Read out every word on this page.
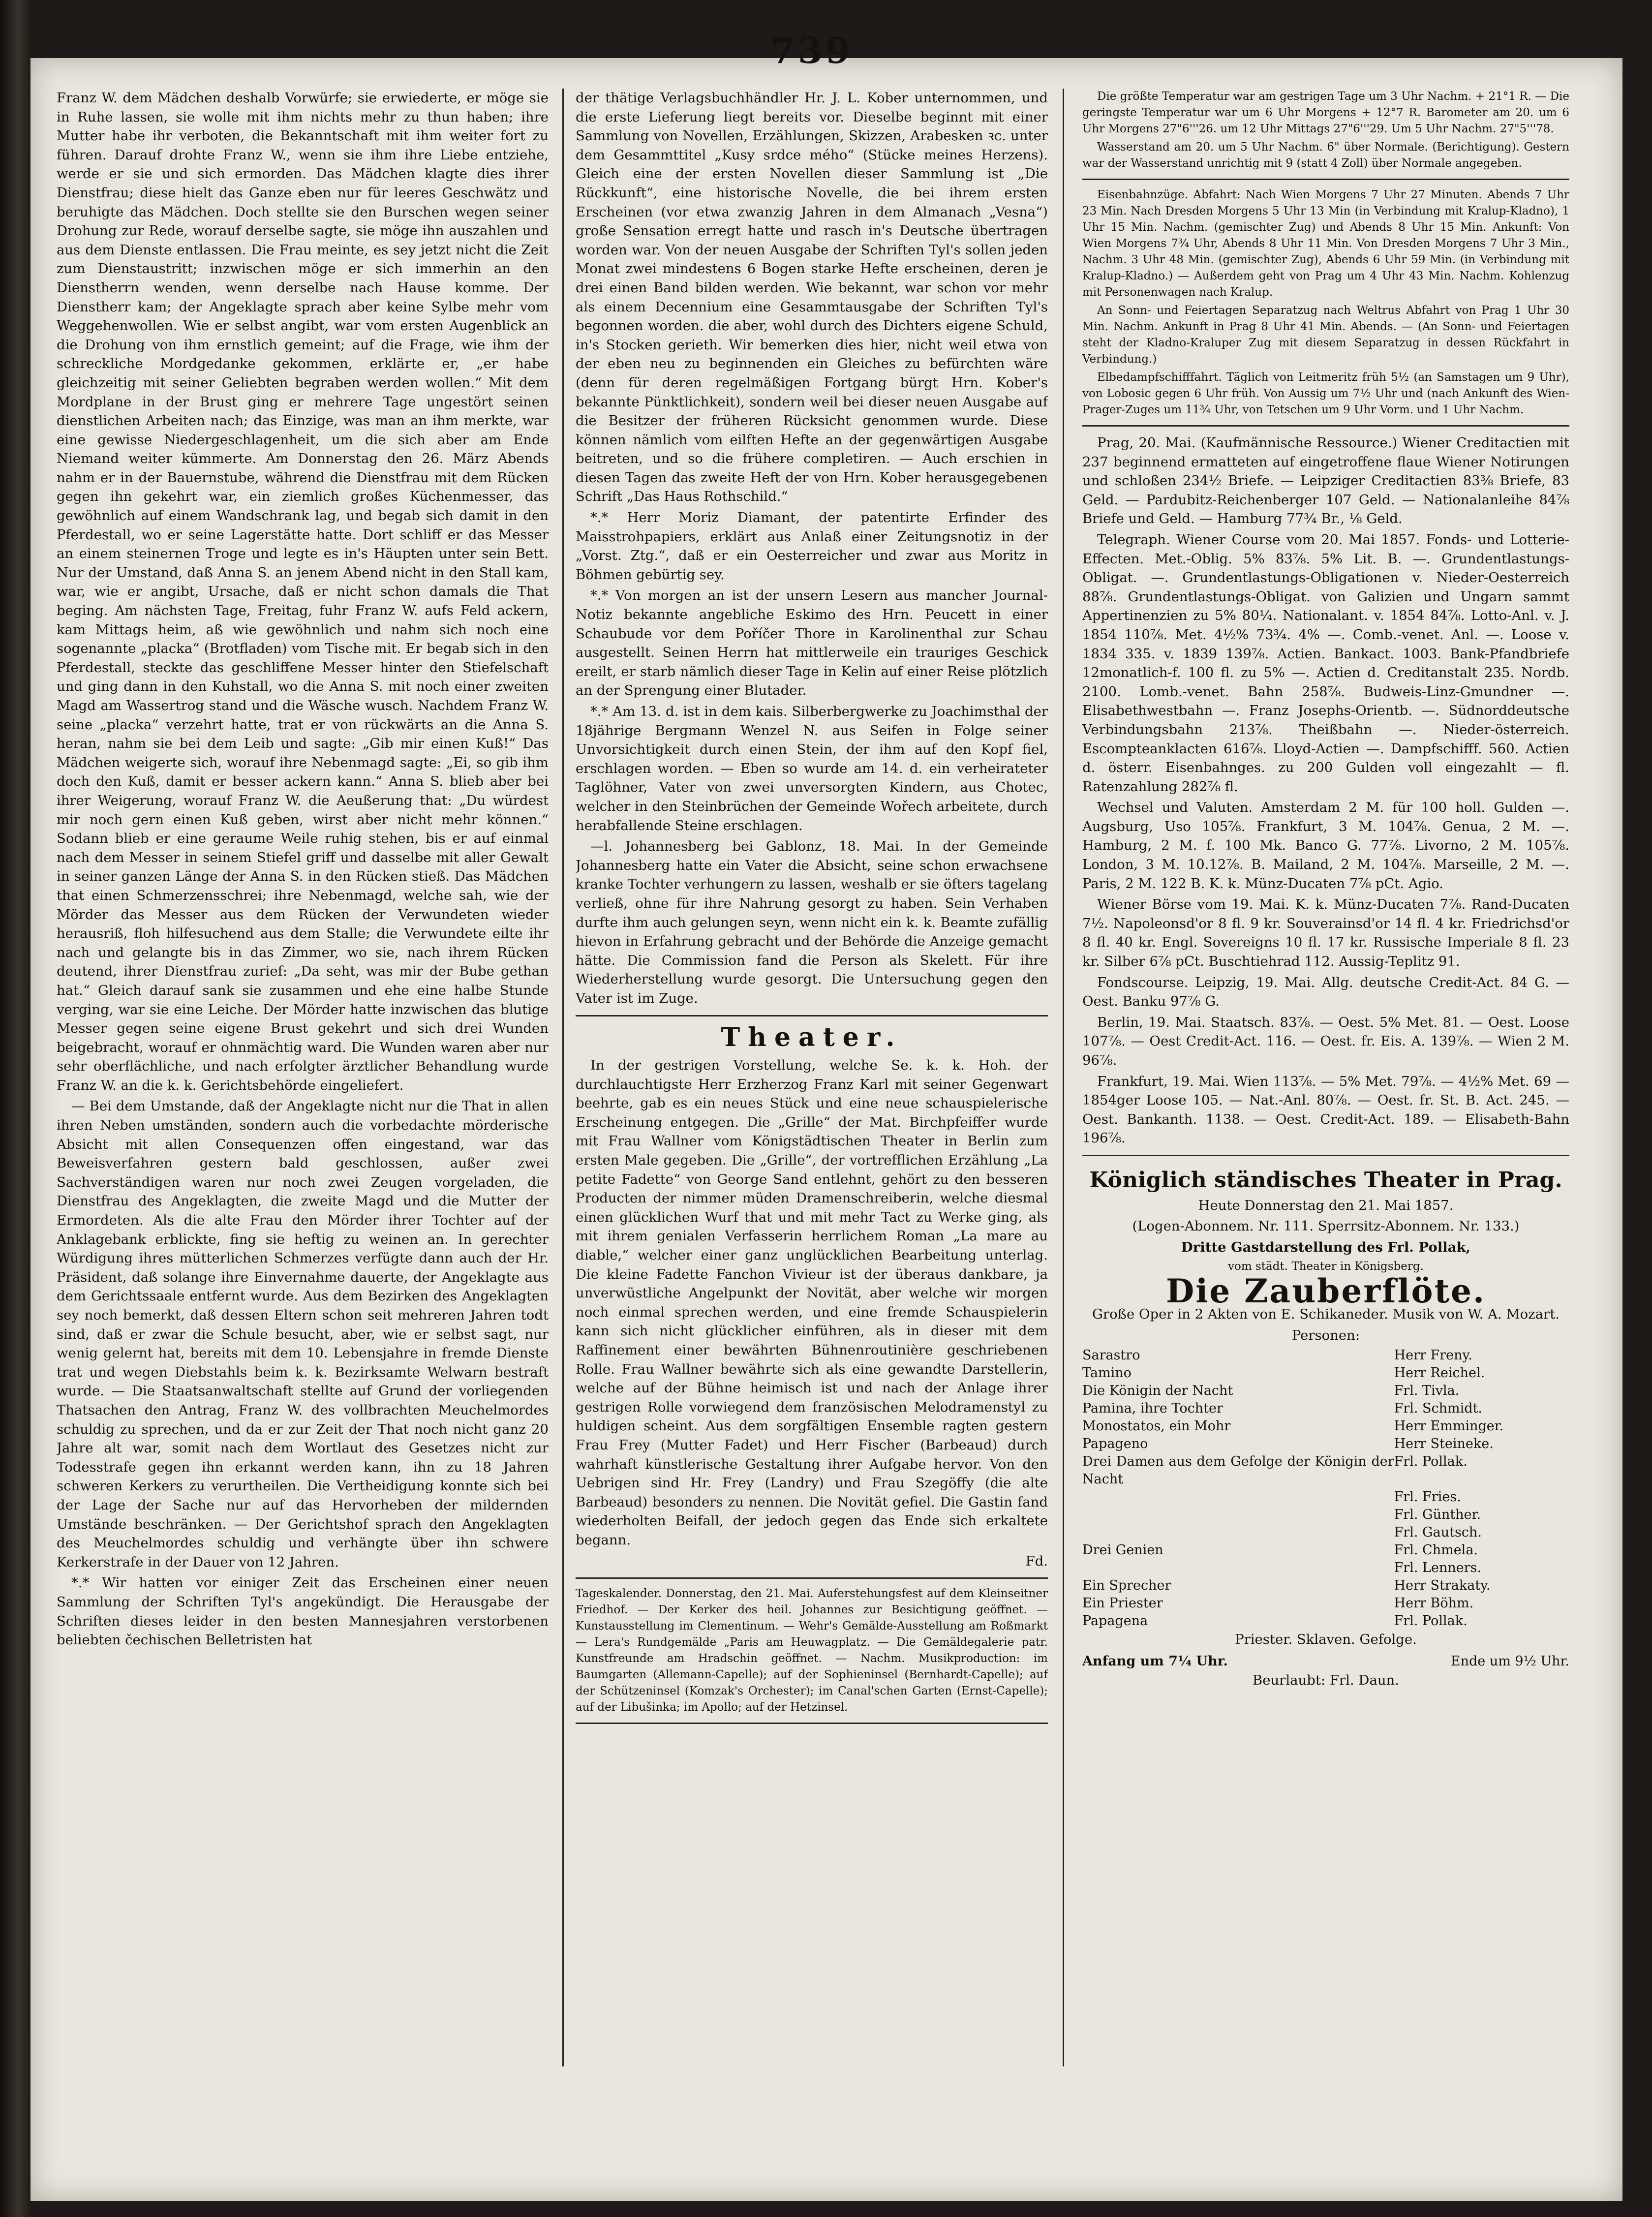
739

Franz W. dem Mädchen deshalb Vorwürfe; sie erwiederte, er möge sie in Ruhe lassen, sie wolle mit ihm nichts mehr zu thun haben; ihre Mutter habe ihr verboten, die Bekanntschaft mit ihm weiter fort zu führen. Darauf drohte Franz W., wenn sie ihm ihre Liebe entziehe, werde er sie und sich ermorden. Das Mädchen klagte dies ihrer Dienstfrau; diese hielt das Ganze eben nur für leeres Geschwätz und beruhigte das Mädchen. Doch stellte sie den Burschen wegen seiner Drohung zur Rede, worauf derselbe sagte, sie möge ihn auszahlen und aus dem Dienste entlassen. Die Frau meinte, es sey jetzt nicht die Zeit zum Dienstaustritt; inzwischen möge er sich immerhin an den Dienstherrn wenden, wenn derselbe nach Hause komme. Der Dienstherr kam; der Angeklagte sprach aber keine Sylbe mehr vom Weggehenwollen. Wie er selbst angibt, war vom ersten Augenblick an die Drohung von ihm ernstlich gemeint; auf die Frage, wie ihm der schreckliche Mordgedanke gekommen, erklärte er, „er habe gleichzeitig mit seiner Geliebten begraben werden wollen.“ Mit dem Mordplane in der Brust ging er mehrere Tage ungestört seinen dienstlichen Arbeiten nach; das Einzige, was man an ihm merkte, war eine gewisse Niedergeschlagenheit, um die sich aber am Ende Niemand weiter kümmerte. Am Donnerstag den 26. März Abends nahm er in der Bauernstube, während die Dienstfrau mit dem Rücken gegen ihn gekehrt war, ein ziemlich großes Küchenmesser, das gewöhnlich auf einem Wandschrank lag, und begab sich damit in den Pferdestall, wo er seine Lagerstätte hatte. Dort schliff er das Messer an einem steinernen Troge und legte es in's Häupten unter sein Bett. Nur der Umstand, daß Anna S. an jenem Abend nicht in den Stall kam, war, wie er angibt, Ursache, daß er nicht schon damals die That beging. Am nächsten Tage, Freitag, fuhr Franz W. aufs Feld ackern, kam Mittags heim, aß wie gewöhnlich und nahm sich noch eine sogenannte „placka“ (Brotfladen) vom Tische mit. Er begab sich in den Pferdestall, steckte das geschliffene Messer hinter den Stiefelschaft und ging dann in den Kuhstall, wo die Anna S. mit noch einer zweiten Magd am Wassertrog stand und die Wäsche wusch. Nachdem Franz W. seine „placka“ verzehrt hatte, trat er von rückwärts an die Anna S. heran, nahm sie bei dem Leib und sagte: „Gib mir einen Kuß!“ Das Mädchen weigerte sich, worauf ihre Nebenmagd sagte: „Ei, so gib ihm doch den Kuß, damit er besser ackern kann.“ Anna S. blieb aber bei ihrer Weigerung, worauf Franz W. die Aeußerung that: „Du würdest mir noch gern einen Kuß geben, wirst aber nicht mehr können.“ Sodann blieb er eine geraume Weile ruhig stehen, bis er auf einmal nach dem Messer in seinem Stiefel griff und dasselbe mit aller Gewalt in seiner ganzen Länge der Anna S. in den Rücken stieß. Das Mädchen that einen Schmerzensschrei; ihre Nebenmagd, welche sah, wie der Mörder das Messer aus dem Rücken der Verwundeten wieder herausriß, floh hilfesuchend aus dem Stalle; die Verwundete eilte ihr nach und gelangte bis in das Zimmer, wo sie, nach ihrem Rücken deutend, ihrer Dienstfrau zurief: „Da seht, was mir der Bube gethan hat.“ Gleich darauf sank sie zusammen und ehe eine halbe Stunde verging, war sie eine Leiche. Der Mörder hatte inzwischen das blutige Messer gegen seine eigene Brust gekehrt und sich drei Wunden beigebracht, worauf er ohnmächtig ward. Die Wunden waren aber nur sehr oberflächliche, und nach erfolgter ärztlicher Behandlung wurde Franz W. an die k. k. Gerichtsbehörde eingeliefert.

— Bei dem Umstande, daß der Angeklagte nicht nur die That in allen ihren Neben umständen, sondern auch die vorbedachte mörderische Absicht mit allen Consequenzen offen eingestand, war das Beweisverfahren gestern bald geschlossen, außer zwei Sachverständigen waren nur noch zwei Zeugen vorgeladen, die Dienstfrau des Angeklagten, die zweite Magd und die Mutter der Ermordeten. Als die alte Frau den Mörder ihrer Tochter auf der Anklagebank erblickte, fing sie heftig zu weinen an. In gerechter Würdigung ihres mütterlichen Schmerzes verfügte dann auch der Hr. Präsident, daß solange ihre Einvernahme dauerte, der Angeklagte aus dem Gerichtssaale entfernt wurde. Aus dem Bezirken des Angeklagten sey noch bemerkt, daß dessen Eltern schon seit mehreren Jahren todt sind, daß er zwar die Schule besucht, aber, wie er selbst sagt, nur wenig gelernt hat, bereits mit dem 10. Lebensjahre in fremde Dienste trat und wegen Diebstahls beim k. k. Bezirksamte Welwarn bestraft wurde. — Die Staatsanwaltschaft stellte auf Grund der vorliegenden Thatsachen den Antrag, Franz W. des vollbrachten Meuchelmordes schuldig zu sprechen, und da er zur Zeit der That noch nicht ganz 20 Jahre alt war, somit nach dem Wortlaut des Gesetzes nicht zur Todesstrafe gegen ihn erkannt werden kann, ihn zu 18 Jahren schweren Kerkers zu verurtheilen. Die Vertheidigung konnte sich bei der Lage der Sache nur auf das Hervorheben der mildernden Umstände beschränken. — Der Gerichtshof sprach den Angeklagten des Meuchelmordes schuldig und verhängte über ihn schwere Kerkerstrafe in der Dauer von 12 Jahren.

*.* Wir hatten vor einiger Zeit das Erscheinen einer neuen Sammlung der Schriften Tyl's angekündigt. Die Herausgabe der Schriften dieses leider in den besten Mannesjahren verstorbenen beliebten čechischen Belletristen hat

der thätige Verlagsbuchhändler Hr. J. L. Kober unternommen, und die erste Lieferung liegt bereits vor. Dieselbe beginnt mit einer Sammlung von Novellen, Erzählungen, Skizzen, Arabesken ꝛc. unter dem Gesammttitel „Kusy srdce mého“ (Stücke meines Herzens). Gleich eine der ersten Novellen dieser Sammlung ist „Die Rückkunft“, eine historische Novelle, die bei ihrem ersten Erscheinen (vor etwa zwanzig Jahren in dem Almanach „Vesna“) große Sensation erregt hatte und rasch in's Deutsche übertragen worden war. Von der neuen Ausgabe der Schriften Tyl's sollen jeden Monat zwei mindestens 6 Bogen starke Hefte erscheinen, deren je drei einen Band bilden werden. Wie bekannt, war schon vor mehr als einem Decennium eine Gesammtausgabe der Schriften Tyl's begonnen worden. die aber, wohl durch des Dichters eigene Schuld, in's Stocken gerieth. Wir bemerken dies hier, nicht weil etwa von der eben neu zu beginnenden ein Gleiches zu befürchten wäre (denn für deren regelmäßigen Fortgang bürgt Hrn. Kober's bekannte Pünktlichkeit), sondern weil bei dieser neuen Ausgabe auf die Besitzer der früheren Rücksicht genommen wurde. Diese können nämlich vom eilften Hefte an der gegenwärtigen Ausgabe beitreten, und so die frühere completiren. — Auch erschien in diesen Tagen das zweite Heft der von Hrn. Kober herausgegebenen Schrift „Das Haus Rothschild.“

*.* Herr Moriz Diamant, der patentirte Erfinder des Maisstrohpapiers, erklärt aus Anlaß einer Zeitungsnotiz in der „Vorst. Ztg.“, daß er ein Oesterreicher und zwar aus Moritz in Böhmen gebürtig sey.

*.* Von morgen an ist der unsern Lesern aus mancher Journal-Notiz bekannte angebliche Eskimo des Hrn. Peucett in einer Schaubude vor dem Poříčer Thore in Karolinenthal zur Schau ausgestellt. Seinen Herrn hat mittlerweile ein trauriges Geschick ereilt, er starb nämlich dieser Tage in Kelin auf einer Reise plötzlich an der Sprengung einer Blutader.

*.* Am 13. d. ist in dem kais. Silberbergwerke zu Joachimsthal der 18jährige Bergmann Wenzel N. aus Seifen in Folge seiner Unvorsichtigkeit durch einen Stein, der ihm auf den Kopf fiel, erschlagen worden. — Eben so wurde am 14. d. ein verheirateter Taglöhner, Vater von zwei unversorgten Kindern, aus Chotec, welcher in den Steinbrüchen der Gemeinde Wořech arbeitete, durch herabfallende Steine erschlagen.

—l. Johannesberg bei Gablonz, 18. Mai. In der Gemeinde Johannesberg hatte ein Vater die Absicht, seine schon erwachsene kranke Tochter verhungern zu lassen, weshalb er sie öfters tagelang verließ, ohne für ihre Nahrung gesorgt zu haben. Sein Verhaben durfte ihm auch gelungen seyn, wenn nicht ein k. k. Beamte zufällig hievon in Erfahrung gebracht und der Behörde die Anzeige gemacht hätte. Die Commission fand die Person als Skelett. Für ihre Wiederherstellung wurde gesorgt. Die Untersuchung gegen den Vater ist im Zuge.

Theater.

In der gestrigen Vorstellung, welche Se. k. k. Hoh. der durchlauchtigste Herr Erzherzog Franz Karl mit seiner Gegenwart beehrte, gab es ein neues Stück und eine neue schauspielerische Erscheinung entgegen. Die „Grille“ der Mat. Birchpfeiffer wurde mit Frau Wallner vom Königstädtischen Theater in Berlin zum ersten Male gegeben. Die „Grille“, der vortrefflichen Erzählung „La petite Fadette“ von George Sand entlehnt, gehört zu den besseren Producten der nimmer müden Dramenschreiberin, welche diesmal einen glücklichen Wurf that und mit mehr Tact zu Werke ging, als mit ihrem genialen Verfasserin herrlichem Roman „La mare au diable,“ welcher einer ganz unglücklichen Bearbeitung unterlag. Die kleine Fadette Fanchon Vivieur ist der überaus dankbare, ja unverwüstliche Angelpunkt der Novität, aber welche wir morgen noch einmal sprechen werden, und eine fremde Schauspielerin kann sich nicht glücklicher einführen, als in dieser mit dem Raffinement einer bewährten Bühnenroutinière geschriebenen Rolle. Frau Wallner bewährte sich als eine gewandte Darstellerin, welche auf der Bühne heimisch ist und nach der Anlage ihrer gestrigen Rolle vorwiegend dem französischen Melodramenstyl zu huldigen scheint. Aus dem sorgfältigen Ensemble ragten gestern Frau Frey (Mutter Fadet) und Herr Fischer (Barbeaud) durch wahrhaft künstlerische Gestaltung ihrer Aufgabe hervor. Von den Uebrigen sind Hr. Frey (Landry) und Frau Szegöffy (die alte Barbeaud) besonders zu nennen. Die Novität gefiel. Die Gastin fand wiederholten Beifall, der jedoch gegen das Ende sich erkaltete begann.

Fd.

Tageskalender. Donnerstag, den 21. Mai. Auferstehungsfest auf dem Kleinseitner Friedhof. — Der Kerker des heil. Johannes zur Besichtigung geöffnet. — Kunstausstellung im Clementinum. — Wehr's Gemälde-Ausstellung am Roßmarkt — Lera's Rundgemälde „Paris am Heuwagplatz. — Die Gemäldegalerie patr. Kunstfreunde am Hradschin geöffnet. — Nachm. Musikproduction: im Baumgarten (Allemann-Capelle); auf der Sophieninsel (Bernhardt-Capelle); auf der Schützeninsel (Komzak's Orchester); im Canal'schen Garten (Ernst-Capelle); auf der Libušinka; im Apollo; auf der Hetzinsel.

Die größte Temperatur war am gestrigen Tage um 3 Uhr Nachm. + 21°1 R. — Die geringste Temperatur war um 6 Uhr Morgens + 12°7 R. Barometer am 20. um 6 Uhr Morgens 27"6'''26. um 12 Uhr Mittags 27"6'''29. Um 5 Uhr Nachm. 27"5'''78.

Wasserstand am 20. um 5 Uhr Nachm. 6" über Normale. (Berichtigung). Gestern war der Wasserstand unrichtig mit 9 (statt 4 Zoll) über Normale angegeben.

Eisenbahnzüge. Abfahrt: Nach Wien Morgens 7 Uhr 27 Minuten. Abends 7 Uhr 23 Min. Nach Dresden Morgens 5 Uhr 13 Min (in Verbindung mit Kralup-Kladno), 1 Uhr 15 Min. Nachm. (gemischter Zug) und Abends 8 Uhr 15 Min. Ankunft: Von Wien Morgens 7¾ Uhr, Abends 8 Uhr 11 Min. Von Dresden Morgens 7 Uhr 3 Min., Nachm. 3 Uhr 48 Min. (gemischter Zug), Abends 6 Uhr 59 Min. (in Verbindung mit Kralup-Kladno.) — Außerdem geht von Prag um 4 Uhr 43 Min. Nachm. Kohlenzug mit Personenwagen nach Kralup.

An Sonn- und Feiertagen Separatzug nach Weltrus Abfahrt von Prag 1 Uhr 30 Min. Nachm. Ankunft in Prag 8 Uhr 41 Min. Abends. — (An Sonn- und Feiertagen steht der Kladno-Kraluper Zug mit diesem Separatzug in dessen Rückfahrt in Verbindung.)

Elbedampfschifffahrt. Täglich von Leitmeritz früh 5½ (an Samstagen um 9 Uhr), von Lobosic gegen 6 Uhr früh. Von Aussig um 7½ Uhr und (nach Ankunft des Wien-Prager-Zuges um 11¾ Uhr, von Tetschen um 9 Uhr Vorm. und 1 Uhr Nachm.

Prag, 20. Mai. (Kaufmännische Ressource.) Wiener Creditactien mit 237 beginnend ermatteten auf eingetroffene flaue Wiener Notirungen und schloßen 234½ Briefe. — Leipziger Creditactien 83⅜ Briefe, 83 Geld. — Pardubitz-Reichenberger 107 Geld. — Nationalanleihe 84⅞ Briefe und Geld. — Hamburg 77¾ Br., ⅛ Geld.

Telegraph. Wiener Course vom 20. Mai 1857. Fonds- und Lotterie-Effecten. Met.-Oblig. 5% 83⅞. 5% Lit. B. —. Grundentlastungs-Obligat. —. Grundentlastungs-Obligationen v. Nieder-Oesterreich 88⅞. Grundentlastungs-Obligat. von Galizien und Ungarn sammt Appertinenzien zu 5% 80¼. Nationalant. v. 1854 84⅞. Lotto-Anl. v. J. 1854 110⅞. Met. 4½% 73¾. 4% —. Comb.-venet. Anl. —. Loose v. 1834 335. v. 1839 139⅞. Actien. Bankact. 1003. Bank-Pfandbriefe 12monatlich-f. 100 fl. zu 5% —. Actien d. Creditanstalt 235. Nordb. 2100. Lomb.-venet. Bahn 258⅞. Budweis-Linz-Gmundner —. Elisabethwestbahn —. Franz Josephs-Orientb. —. Südnorddeutsche Verbindungsbahn 213⅞. Theißbahn —. Nieder-österreich. Escompteanklacten 616⅞. Lloyd-Actien —. Dampfschifff. 560. Actien d. österr. Eisenbahnges. zu 200 Gulden voll eingezahlt — fl. Ratenzahlung 282⅞ fl.

Wechsel und Valuten. Amsterdam 2 M. für 100 holl. Gulden —. Augsburg, Uso 105⅞. Frankfurt, 3 M. 104⅞. Genua, 2 M. —. Hamburg, 2 M. f. 100 Mk. Banco G. 77⅞. Livorno, 2 M. 105⅞. London, 3 M. 10.12⅞. B. Mailand, 2 M. 104⅞. Marseille, 2 M. —. Paris, 2 M. 122 B. K. k. Münz-Ducaten 7⅞ pCt. Agio.

Wiener Börse vom 19. Mai. K. k. Münz-Ducaten 7⅞. Rand-Ducaten 7½. Napoleonsd'or 8 fl. 9 kr. Souverainsd'or 14 fl. 4 kr. Friedrichsd'or 8 fl. 40 kr. Engl. Sovereigns 10 fl. 17 kr. Russische Imperiale 8 fl. 23 kr. Silber 6⅞ pCt. Buschtiehrad 112. Aussig-Teplitz 91.

Fondscourse. Leipzig, 19. Mai. Allg. deutsche Credit-Act. 84 G. — Oest. Banku 97⅞ G.

Berlin, 19. Mai. Staatsch. 83⅞. — Oest. 5% Met. 81. — Oest. Loose 107⅞. — Oest Credit-Act. 116. — Oest. fr. Eis. A. 139⅞. — Wien 2 M. 96⅞.

Frankfurt, 19. Mai. Wien 113⅞. — 5% Met. 79⅞. — 4½% Met. 69 — 1854ger Loose 105. — Nat.-Anl. 80⅞. — Oest. fr. St. B. Act. 245. — Oest. Bankanth. 1138. — Oest. Credit-Act. 189. — Elisabeth-Bahn 196⅞.

Königlich ständisches Theater in Prag.

Heute Donnerstag den 21. Mai 1857.

(Logen-Abonnem. Nr. 111. Sperrsitz-Abonnem. Nr. 133.)

Dritte Gastdarstellung des Frl. Pollak,

vom städt. Theater in Königsberg.

Die Zauberflöte.

Große Oper in 2 Akten von E. Schikaneder. Musik von W. A. Mozart.

Personen:

Sarastro	Herr Freny.
Tamino	Herr Reichel.
Die Königin der Nacht	Frl. Tivla.
Pamina, ihre Tochter	Frl. Schmidt.
Monostatos, ein Mohr	Herr Emminger.
Papageno	Herr Steineke.
Drei Damen aus dem Gefolge der Königin der Nacht	Frl. Pollak.
	Frl. Fries.
	Frl. Günther.
	Frl. Gautsch.
Drei Genien	Frl. Chmela.
	Frl. Lenners.
Ein Sprecher	Herr Strakaty.
Ein Priester	Herr Böhm.
Papagena	Frl. Pollak.

Priester. Sklaven. Gefolge.

Anfang um 7¼ Uhr.	Ende um 9½ Uhr.

Beurlaubt: Frl. Daun.
